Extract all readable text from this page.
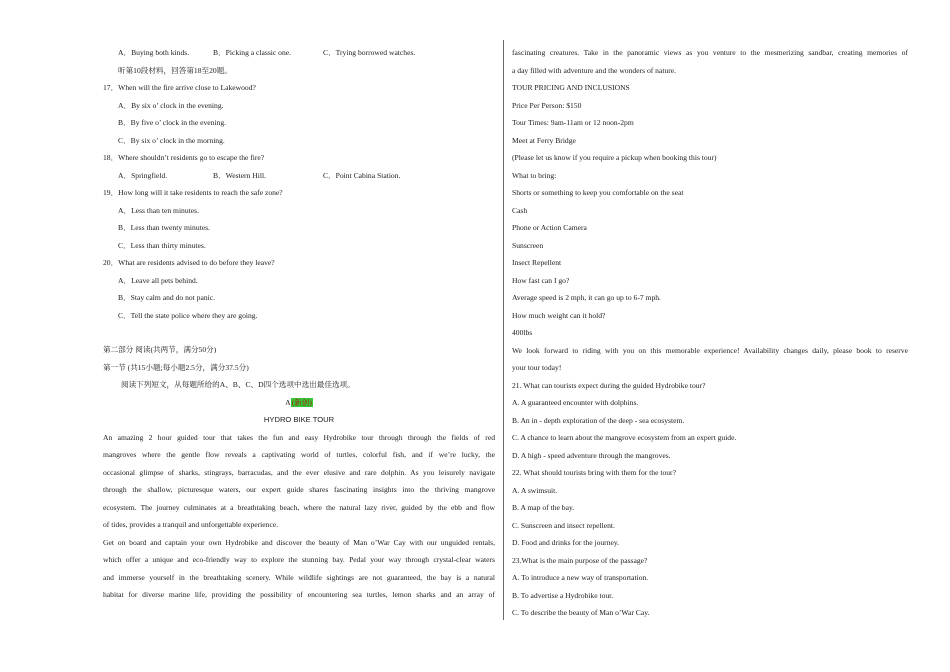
A．Buying both kinds.	B．Picking a classic one.	C．Trying borrowed watches.
听第10段材料，回答第18至20题。
17．When will the fire arrive close to Lakewood?
A．By six o’ clock in the evening.
B．By five o’ clock in the evening.
C．By six o’ clock in the morning.
18．Where shouldn’t residents go to escape the fire?
A．Springfield.	B．Western Hill.	C．Point Cabina Station.
19．How long will it take residents to reach the safe zone?
A．Less than ten minutes.
B．Less than twenty minutes.
C．Less than thirty minutes.
20．What are residents advised to do before they leave?
A．Leave all pets behind.
B．Stay calm and do not panic.
C．Tell the state police where they are going.
第二部分 阅读(共两节，满分50分)
第一节 (共15小题;每小题2.5分，满分37.5分)
阅读下列短文，从每题所给的A、B、C、D四个选项中选出最佳选项。
A(新创)
HYDRO BIKE TOUR
An amazing 2 hour guided tour that takes the fun and easy Hydrobike tour through through the fields of red
mangroves where the gentle flow reveals a captivating world of turtles, colorful fish, and if we’re lucky, the
occasional glimpse of sharks, stingrays, barracudas, and the ever elusive and rare dolphin. As you leisurely navigate
through the shallow, picturesque waters, our expert guide shares fascinating insights into the thriving mangrove
ecosystem. The journey culminates at a breathtaking beach, where the natural lazy river, guided by the ebb and flow
of tides, provides a tranquil and unforgettable experience.
Get on board and captain your own Hydrobike and discover the beauty of Man o’War Cay with our unguided rentals,
which offer a unique and eco-friendly way to explore the stunning bay. Pedal your way through crystal-clear waters
and immerse yourself in the breathtaking scenery. While wildlife sightings are not guaranteed, the bay is a natural
habitat for diverse marine life, providing the possibility of encountering sea turtles, lemon sharks and an array of
fascinating creatures. Take in the panoramic views as you venture to the mesmerizing sandbar, creating memories of
a day filled with adventure and the wonders of nature.
TOUR PRICING AND INCLUSIONS
Price Per Person: $150
Tour Times: 9am-11am or 12 noon-2pm
Meet at Ferry Bridge
(Please let us know if you require a pickup when booking this tour)
What to bring:
Shorts or something to keep you comfortable on the seat
Cash
Phone or Action Camera
Sunscreen
Insect Repellent
How fast can I go?
Average speed is 2 mph, it can go up to 6-7 mph.
How much weight can it hold?
400lbs
We look forward to riding with you on this memorable experience! Availability changes daily, please book to reserve
your tour today!
21. What can tourists expect during the guided Hydrobike tour?
A. A guaranteed encounter with dolphins.
B. An in - depth exploration of the deep - sea ecosystem.
C. A chance to learn about the mangrove ecosystem from an expert guide.
D. A high - speed adventure through the mangroves.
22. What should tourists bring with them for the tour?
A. A swimsuit.
B. A map of the bay.
C. Sunscreen and insect repellent.
D. Food and drinks for the journey.
23.What is the main purpose of the passage?
A. To introduce a new way of transportation.
B. To advertise a Hydrobike tour.
C. To describe the beauty of Man o’War Cay.
